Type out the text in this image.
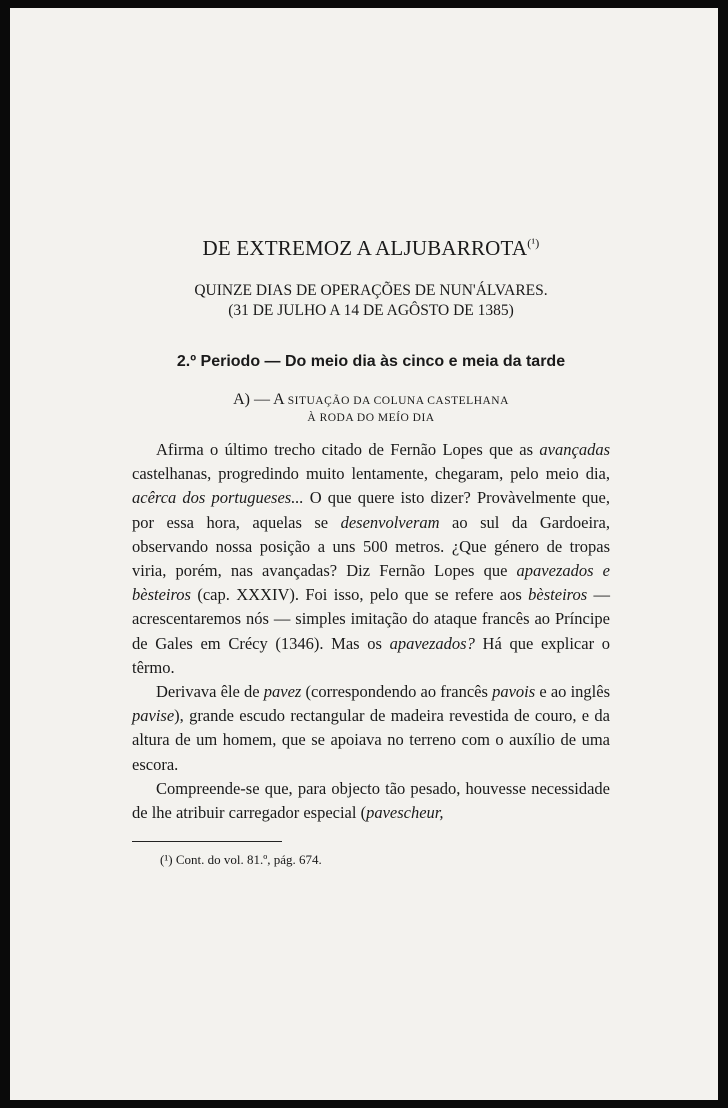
DE EXTREMOZ A $ALJUBARROTA^{(^1)}$
QUINZE DIAS DE OPERAÇÕES DE NUN'ÁLVARES.
(31 DE JULHO A 14 DE AGÔSTO DE 1385)
2.º Periodo — Do meio dia às cinco e meia da tarde
A) — A SITUAÇÃO DA COLUNA CASTELHANA
À RODA DO MEÍO DIA

Afirma o último trecho citado de Fernão Lopes que as avançadas castelhanas, progredindo muito lentamente, chegaram, pelo meio dia, acêrca dos portugueses... O que quere isto dizer? Provàvelmente que, por essa hora, aquelas se desenvolveram ao sul da Gardoeira, observando nossa posição a uns 500 metros. ¿Que género de tropas viria, porém, nas avançadas? Diz Fernão Lopes que apavezados e bèsteiros (cap. XXXIV). Foi isso, pelo que se refere aos bèsteiros — acrescentaremos nós — simples imitação do ataque francês ao Príncipe de Gales em Crécy (1346). Mas os apavezados? Há que explicar o têrmo.

Derivava êle de pavez (correspondendo ao francês pavois e ao inglês pavise), grande escudo rectangular de madeira revestida de couro, e da altura de um homem, que se apoiava no terreno com o auxílio de uma escora.

Compreende-se que, para objecto tão pesado, houvesse necessidade de lhe atribuir carregador especial (pavescheur,

(¹) Cont. do vol. 81.º, pág. 674.
